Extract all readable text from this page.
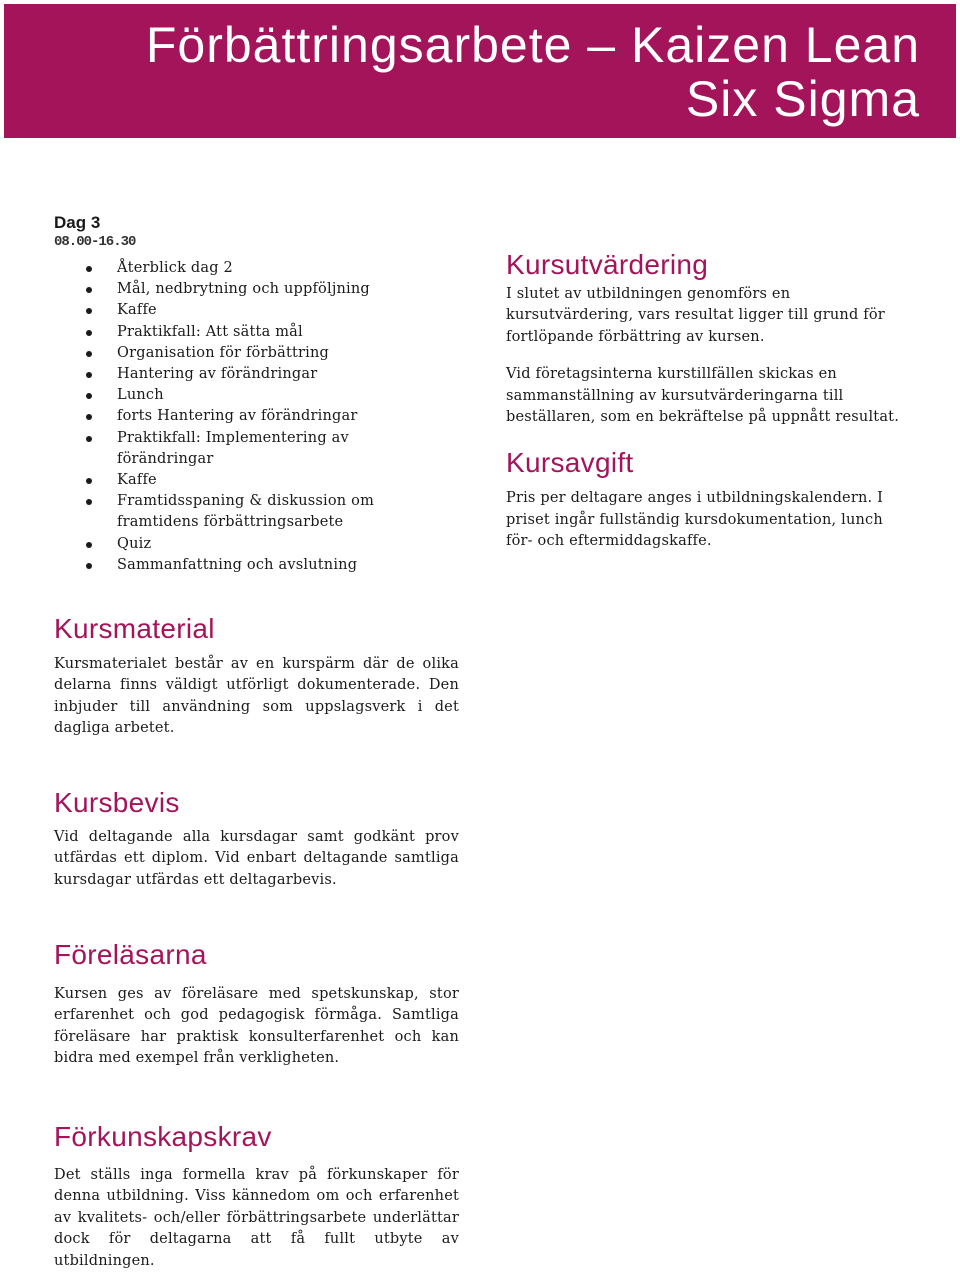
Förbättringsarbete – Kaizen Lean
Six Sigma

Dag 3

08.00-16.30

Återblick dag 2
Mål, nedbrytning och uppföljning
Kaffe
Praktikfall: Att sätta mål
Organisation för förbättring
Hantering av förändringar
Lunch
forts Hantering av förändringar
Praktikfall: Implementering av förändringar
Kaffe
Framtidsspaning & diskussion om framtidens förbättringsarbete
Quiz
Sammanfattning och avslutning
Kursmaterial

Kursmaterialet består av en kurspärm där de olika delarna finns väldigt utförligt dokumenterade. Den inbjuder till användning som uppslagsverk i det dagliga arbetet.

Kursbevis

Vid deltagande alla kursdagar samt godkänt prov utfärdas ett diplom. Vid enbart deltagande samtliga kursdagar utfärdas ett deltagarbevis.

Föreläsarna

Kursen ges av föreläsare med spetskunskap, stor erfarenhet och god pedagogisk förmåga. Samtliga föreläsare har praktisk konsulterfarenhet och kan bidra med exempel från verkligheten.

Förkunskapskrav

Det ställs inga formella krav på förkunskaper för denna utbildning. Viss kännedom om och erfarenhet av kvalitets- och/eller förbättringsarbete underlättar dock för deltagarna att få fullt utbyte av utbildningen.

Kursutvärdering

I slutet av utbildningen genomförs en kursutvärdering, vars resultat ligger till grund för fortlöpande förbättring av kursen.

Vid företagsinterna kurstillfällen skickas en sammanställning av kursutvärderingarna till beställaren, som en bekräftelse på uppnått resultat.

Kursavgift

Pris per deltagare anges i utbildningskalendern. I priset ingår fullständig kursdokumentation, lunch för- och eftermiddagskaffe.
